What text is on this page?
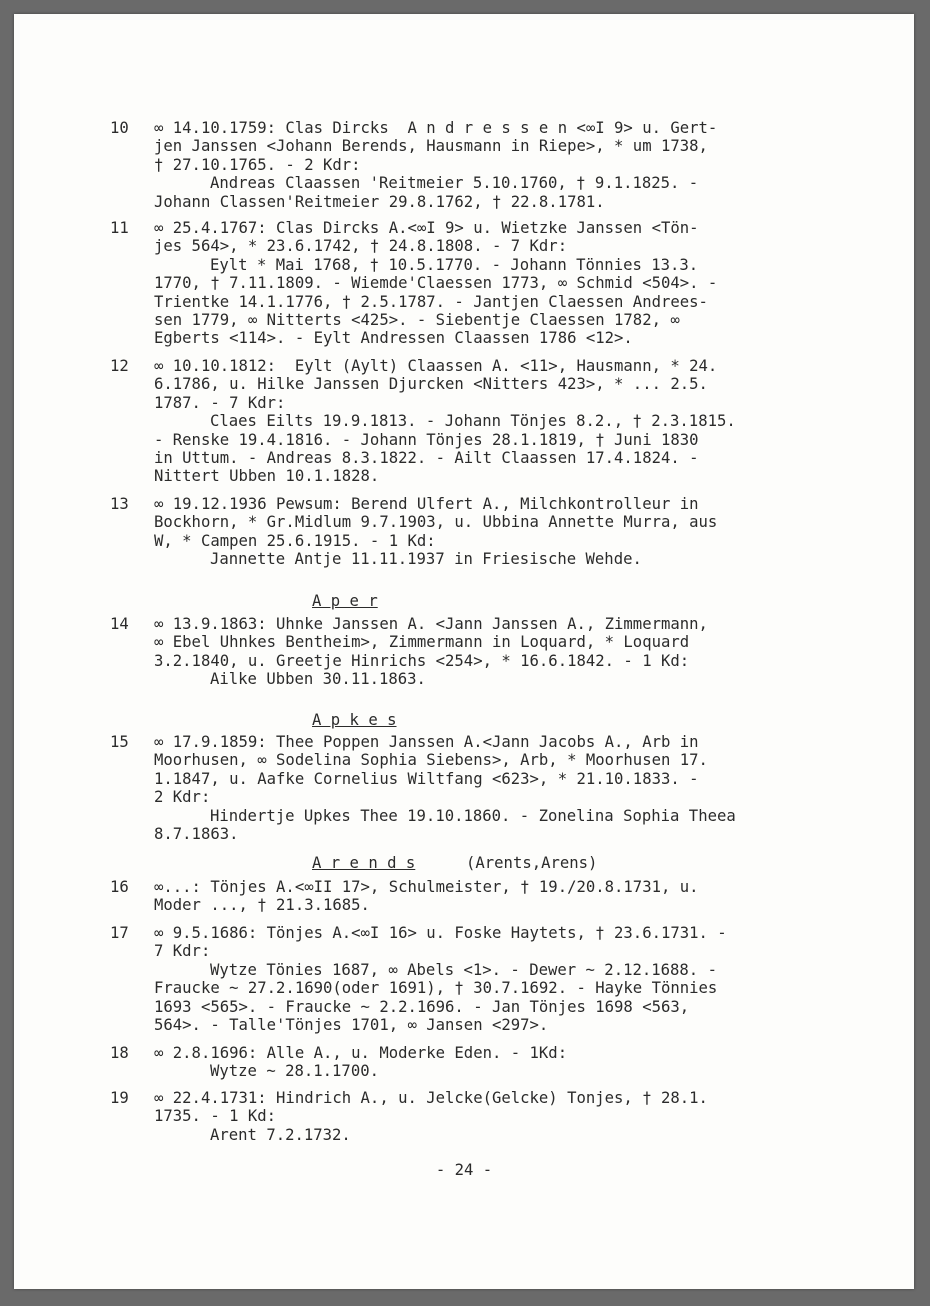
10 ∞ 14.10.1759: Clas Dircks  A n d r e s s e n <∞I 9> u. Gert-
jen Janssen <Johann Berends, Hausmann in Riepe>, * um 1738,
† 27.10.1765. - 2 Kdr:
Andreas Claassen 'Reitmeier 5.10.1760, † 9.1.1825. -
Johann Classen'Reitmeier 29.8.1762, † 22.8.1781.
11 ∞ 25.4.1767: Clas Dircks A.<∞I 9> u. Wietzke Janssen <Tön-
jes 564>, * 23.6.1742, † 24.8.1808. - 7 Kdr:
Eylt * Mai 1768, † 10.5.1770. - Johann Tönnies 13.3.
1770, † 7.11.1809. - Wiemde'Claessen 1773, ∞ Schmid <504>. -
Trientke 14.1.1776, † 2.5.1787. - Jantjen Claessen Andrees-
sen 1779, ∞ Nitterts <425>. - Siebentje Claessen 1782, ∞
Egberts <114>. - Eylt Andressen Claassen 1786 <12>.
12 ∞ 10.10.1812:  Eylt (Aylt) Claassen A. <11>, Hausmann, * 24.
6.1786, u. Hilke Janssen Djurcken <Nitters 423>, * ... 2.5.
1787. - 7 Kdr:
Claes Eilts 19.9.1813. - Johann Tönjes 8.2., † 2.3.1815.
- Renske 19.4.1816. - Johann Tönjes 28.1.1819, † Juni 1830
in Uttum. - Andreas 8.3.1822. - Ailt Claassen 17.4.1824. -
Nittert Ubben 10.1.1828.
13 ∞ 19.12.1936 Pewsum: Berend Ulfert A., Milchkontrolleur in
Bockhorn, * Gr.Midlum 9.7.1903, u. Ubbina Annette Murra, aus
W, * Campen 25.6.1915. - 1 Kd:
Jannette Antje 11.11.1937 in Friesische Wehde.
14 ∞ 13.9.1863: Uhnke Janssen A. <Jann Janssen A., Zimmermann,
∞ Ebel Uhnkes Bentheim>, Zimmermann in Loquard, * Loquard
3.2.1840, u. Greetje Hinrichs <254>, * 16.6.1842. - 1 Kd:
Ailke Ubben 30.11.1863.
15 ∞ 17.9.1859: Thee Poppen Janssen A.<Jann Jacobs A., Arb in
Moorhusen, ∞ Sodelina Sophia Siebens>, Arb, * Moorhusen 17.
1.1847, u. Aafke Cornelius Wiltfang <623>, * 21.10.1833. -
2 Kdr:
Hindertje Upkes Thee 19.10.1860. - Zonelina Sophia Theea
8.7.1863.
16 ∞...: Tönjes A.<∞II 17>, Schulmeister, † 19./20.8.1731, u.
Moder ..., † 21.3.1685.
17 ∞ 9.5.1686: Tönjes A.<∞I 16> u. Foske Haytets, † 23.6.1731. -
7 Kdr:
Wytze Tönies 1687, ∞ Abels <1>. - Dewer ~ 2.12.1688. -
Fraucke ~ 27.2.1690(oder 1691), † 30.7.1692. - Hayke Tönnies
1693 <565>. - Fraucke ~ 2.2.1696. - Jan Tönjes 1698 <563,
564>. - Talle'Tönjes 1701, ∞ Jansen <297>.
18 ∞ 2.8.1696: Alle A., u. Moderke Eden. - 1Kd:
Wytze ~ 28.1.1700.
19 ∞ 22.4.1731: Hindrich A., u. Jelcke(Gelcke) Tonjes, † 28.1.
1735. - 1 Kd:
Arent 7.2.1732.
A p e r
A p k e s
A r e n d s	(Arents,Arens)
- 24 -
